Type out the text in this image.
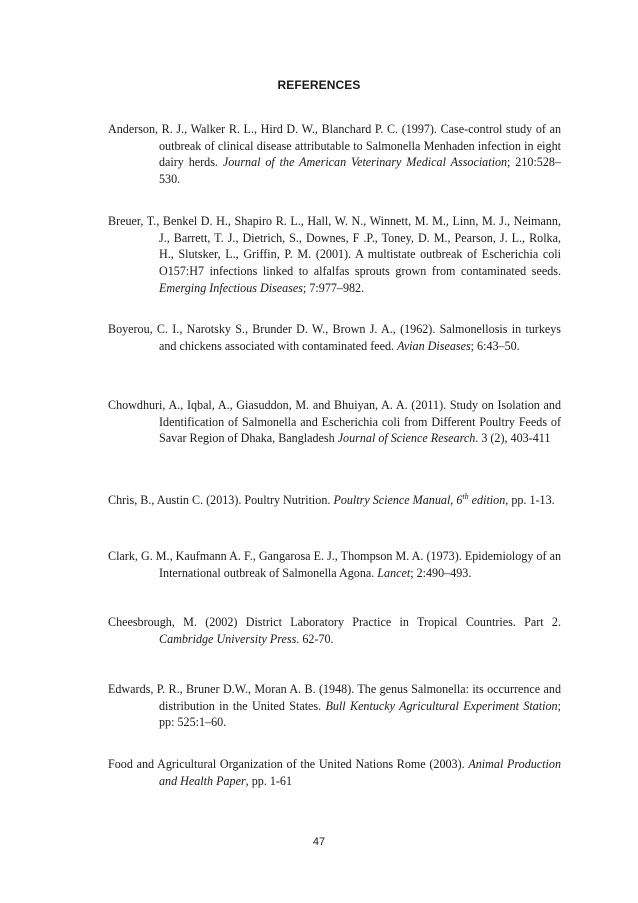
REFERENCES
Anderson, R. J., Walker R. L., Hird D. W., Blanchard P. C. (1997). Case-control study of an outbreak of clinical disease attributable to Salmonella Menhaden infection in eight dairy herds. Journal of the American Veterinary Medical Association; 210:528–530.
Breuer, T., Benkel D. H., Shapiro R. L., Hall, W. N., Winnett, M. M., Linn, M. J., Neimann, J., Barrett, T. J., Dietrich, S., Downes, F .P., Toney, D. M., Pearson, J. L., Rolka, H., Slutsker, L., Griffin, P. M. (2001). A multistate outbreak of Escherichia coli O157:H7 infections linked to alfalfas sprouts grown from contaminated seeds. Emerging Infectious Diseases; 7:977–982.
Boyerou, C. I., Narotsky S., Brunder D. W., Brown J. A., (1962). Salmonellosis in turkeys and chickens associated with contaminated feed. Avian Diseases; 6:43–50.
Chowdhuri, A., Iqbal, A., Giasuddon, M. and Bhuiyan, A. A. (2011). Study on Isolation and Identification of Salmonella and Escherichia coli from Different Poultry Feeds of Savar Region of Dhaka, Bangladesh Journal of Science Research. 3 (2), 403-411
Chris, B., Austin C. (2013). Poultry Nutrition. Poultry Science Manual, 6th edition, pp. 1-13.
Clark, G. M., Kaufmann A. F., Gangarosa E. J., Thompson M. A. (1973). Epidemiology of an International outbreak of Salmonella Agona. Lancet; 2:490–493.
Cheesbrough, M. (2002) District Laboratory Practice in Tropical Countries. Part 2. Cambridge University Press. 62-70.
Edwards, P. R., Bruner D.W., Moran A. B. (1948). The genus Salmonella: its occurrence and distribution in the United States. Bull Kentucky Agricultural Experiment Station; pp: 525:1–60.
Food and Agricultural Organization of the United Nations Rome (2003). Animal Production and Health Paper, pp. 1-61
47
